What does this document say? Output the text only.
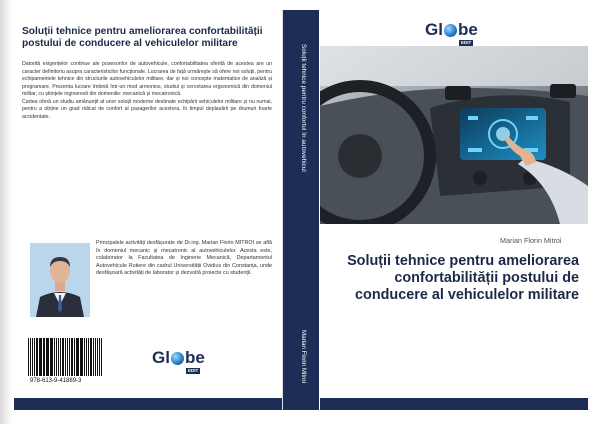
Soluții tehnice pentru ameliorarea confortabilității postului de conducere al vehiculelor militare

Datorită exigențelor continue ale posesorilor de autovehicule, confortabilitatea oferită de acestea are un caracter definitoriu asupra caracteristicilor funcționale. Lucrarea de față urmărește să ofere noi soluții, pentru echipamentele tehnice din structurile autovehiculelor militare, dar și noi concepte matematice de analiză și programare. Prezenta lucrare îmbină într-un mod armonios, studiul și cercetarea ergonomică din domeniul militar, cu științele ingineresti din domeniile: mecanică și mecatronică.

Cartea oferă un studiu amănunțit al unor soluții moderne destinate echipării vehiculelor militare și nu numai, pentru a obține un grad ridicat de confort al pasagerilor acestora, în timpul deplasării pe drumuri foarte accidentate.

Principalele activități desfășurate de Dr.ing. Marian Florin MITROI se află în domeniul mecanic și mecatronic al autovehiculelor. Acesta este, colaborator la Facultatea de Inginerie Mecanică, Departamentul Autovehicule Rutiere din cadrul Universității Ovidius din Constanța, unde desfășoară activități de laborator și dezvoltă proiecte cu studenții.
978-613-9-41889-3
Gl be
EDIT
Soluții tehnice pentru confortul în autovehicul
Marian Florin Mitroi
Gl be
EDIT
Marian Florin Mitroi
Soluții tehnice pentru ameliorarea confortabilității postului de conducere al vehiculelor militare
